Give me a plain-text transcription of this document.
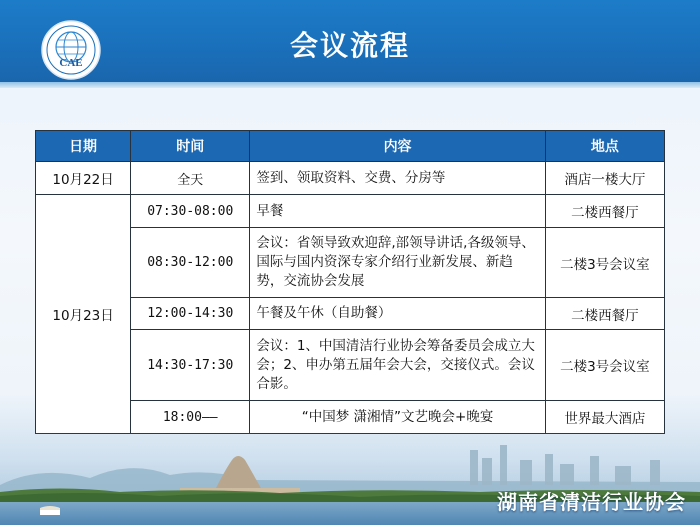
CAE
会议流程
日期	时间	内容	地点
10月22日	全天	签到、领取资料、交费、分房等	酒店一楼大厅
10月23日	07:30-08:00	早餐	二楼西餐厅
	08:30-12:00	会议：省领导致欢迎辞,部领导讲话,各级领导、国际与国内资深专家介绍行业新发展、新趋势，交流协会发展	二楼3号会议室
	12:00-14:30	午餐及午休（自助餐）	二楼西餐厅
	14:30-17:30	会议：1、中国清洁行业协会筹备委员会成立大会；2、申办第五届年会大会，交接仪式。会议合影。	二楼3号会议室
	18:00——	“中国梦 潇湘情”文艺晚会+晚宴	世界最大酒店
湖南省清洁行业协会
